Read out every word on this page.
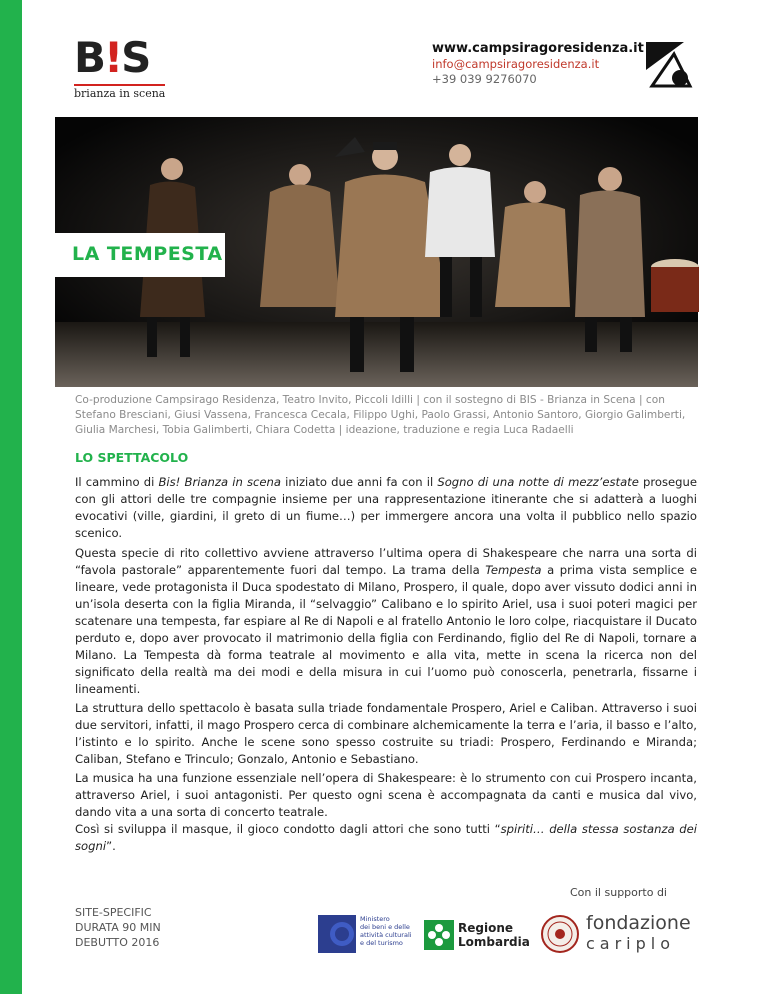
B!S
brianza in scena
www.campsiragoresidenza.it
info@campsiragoresidenza.it
+39 039 9276070
LA TEMPESTA
Co-produzione Campsirago Residenza, Teatro Invito, Piccoli Idilli | con il sostegno di BIS - Brianza in Scena | con Stefano Bresciani, Giusi Vassena, Francesca Cecala, Filippo Ughi, Paolo Grassi, Antonio Santoro, Giorgio Galimberti, Giulia Marchesi, Tobia Galimberti, Chiara Codetta | ideazione, traduzione e regia Luca Radaelli
LO SPETTACOLO

Il cammino di Bis! Brianza in scena iniziato due anni fa con il Sogno di una notte di mezz’estate prosegue con gli attori delle tre compagnie insieme per una rappresentazione itinerante che si adatterà a luoghi evocativi (ville, giardini, il greto di un fiume…) per immergere ancora una volta il pubblico nello spazio scenico.

Questa specie di rito collettivo avviene attraverso l’ultima opera di Shakespeare che narra una sorta di “favola pastorale” apparentemente fuori dal tempo. La trama della Tempesta a prima vista semplice e lineare, vede protagonista il Duca spodestato di Milano, Prospero, il quale, dopo aver vissuto dodici anni in un’isola deserta con la figlia Miranda, il “selvaggio” Calibano e lo spirito Ariel, usa i suoi poteri magici per scatenare una tempesta, far espiare al Re di Napoli e al fratello Antonio le loro colpe, riacquistare il Ducato perduto e, dopo aver provocato il matrimonio della figlia con Ferdinando, figlio del Re di Napoli, tornare a Milano. La Tempesta dà forma teatrale al movimento e alla vita, mette in scena la ricerca non del significato della realtà ma dei modi e della misura in cui l’uomo può conoscerla, penetrarla, fissarne i lineamenti.

La struttura dello spettacolo è basata sulla triade fondamentale Prospero, Ariel e Caliban. Attraverso i suoi due servitori, infatti, il mago Prospero cerca di combinare alchemicamente la terra e l’aria, il basso e l’alto, l’istinto e lo spirito. Anche le scene sono spesso costruite su triadi: Prospero, Ferdinando e Miranda; Caliban, Stefano e Trinculo; Gonzalo, Antonio e Sebastiano.

La musica ha una funzione essenziale nell’opera di Shakespeare: è lo strumento con cui Prospero incanta, attraverso Ariel, i suoi antagonisti. Per questo ogni scena è accompagnata da canti e musica dal vivo, dando vita a una sorta di concerto teatrale.
Così si sviluppa il masque, il gioco condotto dagli attori che sono tutti “spiriti… della stessa sostanza dei sogni”.

Con il supporto di
SITE-SPECIFIC
DURATA 90 MIN
DEBUTTO 2016
MiBACT	Ministero
dei beni e delle
attività culturali
e del turismo
Regione
Lombardia
fondazione
cariplo
